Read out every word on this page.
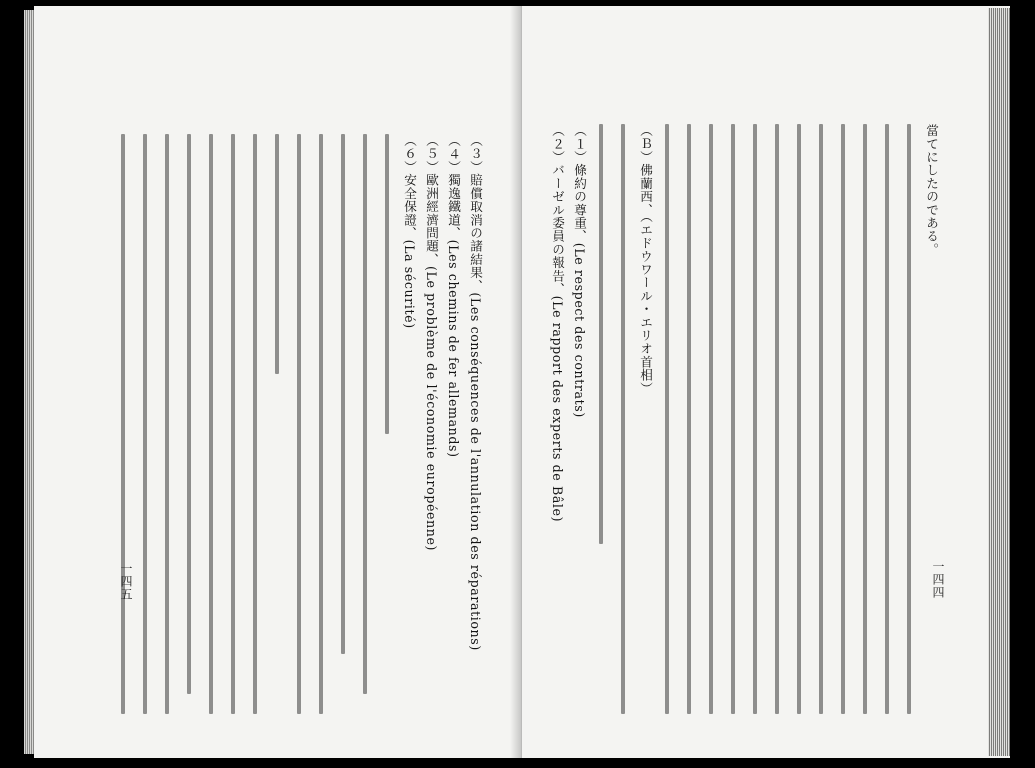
（３）賠償取消の諸結果、(Les conséquences de l'annulation des réparations)
（４）獨逸鐵道、(Les chemins de fer allemands)
（５）歐洲經濟問題、(Le problème de l'économie européenne)
（６）安全保證、(La sécurité)
一四五
當てにしたのである。
（Ｂ）佛蘭西、（エドウワール・エリオ首相）
（１）條約の尊重、(Le respect des contrats)
（２）バーゼル委員の報告、(Le rapport des experts de Bâle)
一四四
